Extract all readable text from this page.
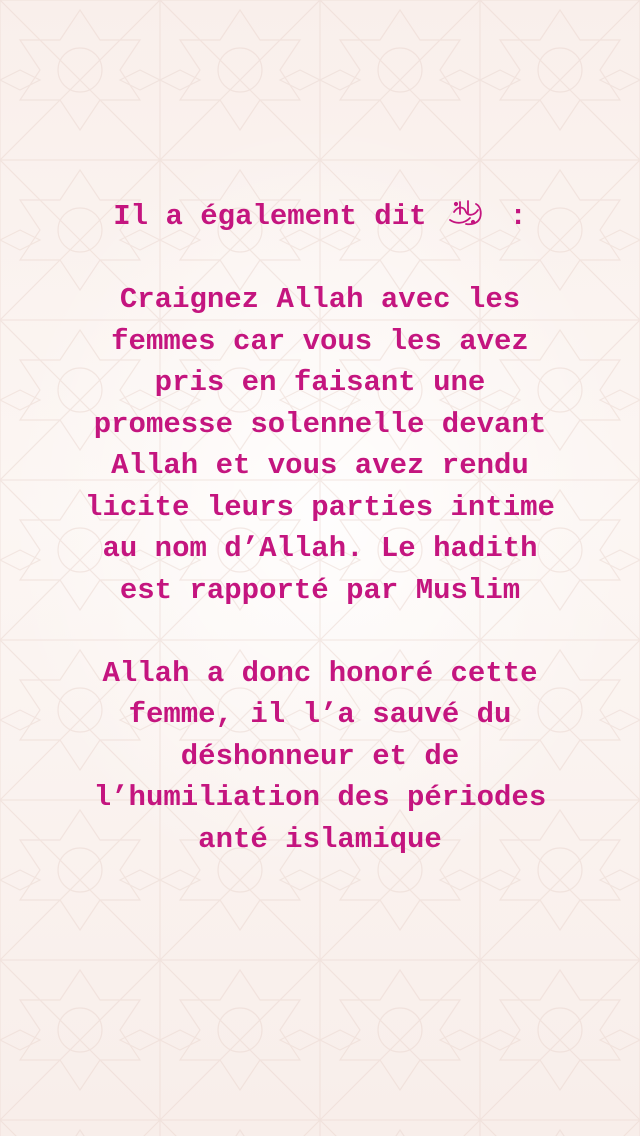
Il a également dit	:

Craignez Allah avec les
femmes car vous les avez
pris en faisant une
promesse solennelle devant
Allah et vous avez rendu
licite leurs parties intime
au nom d’Allah. Le hadith
est rapporté par Muslim

Allah a donc honoré cette
femme, il l’a sauvé du
déshonneur et de
l’humiliation des périodes
anté islamique
